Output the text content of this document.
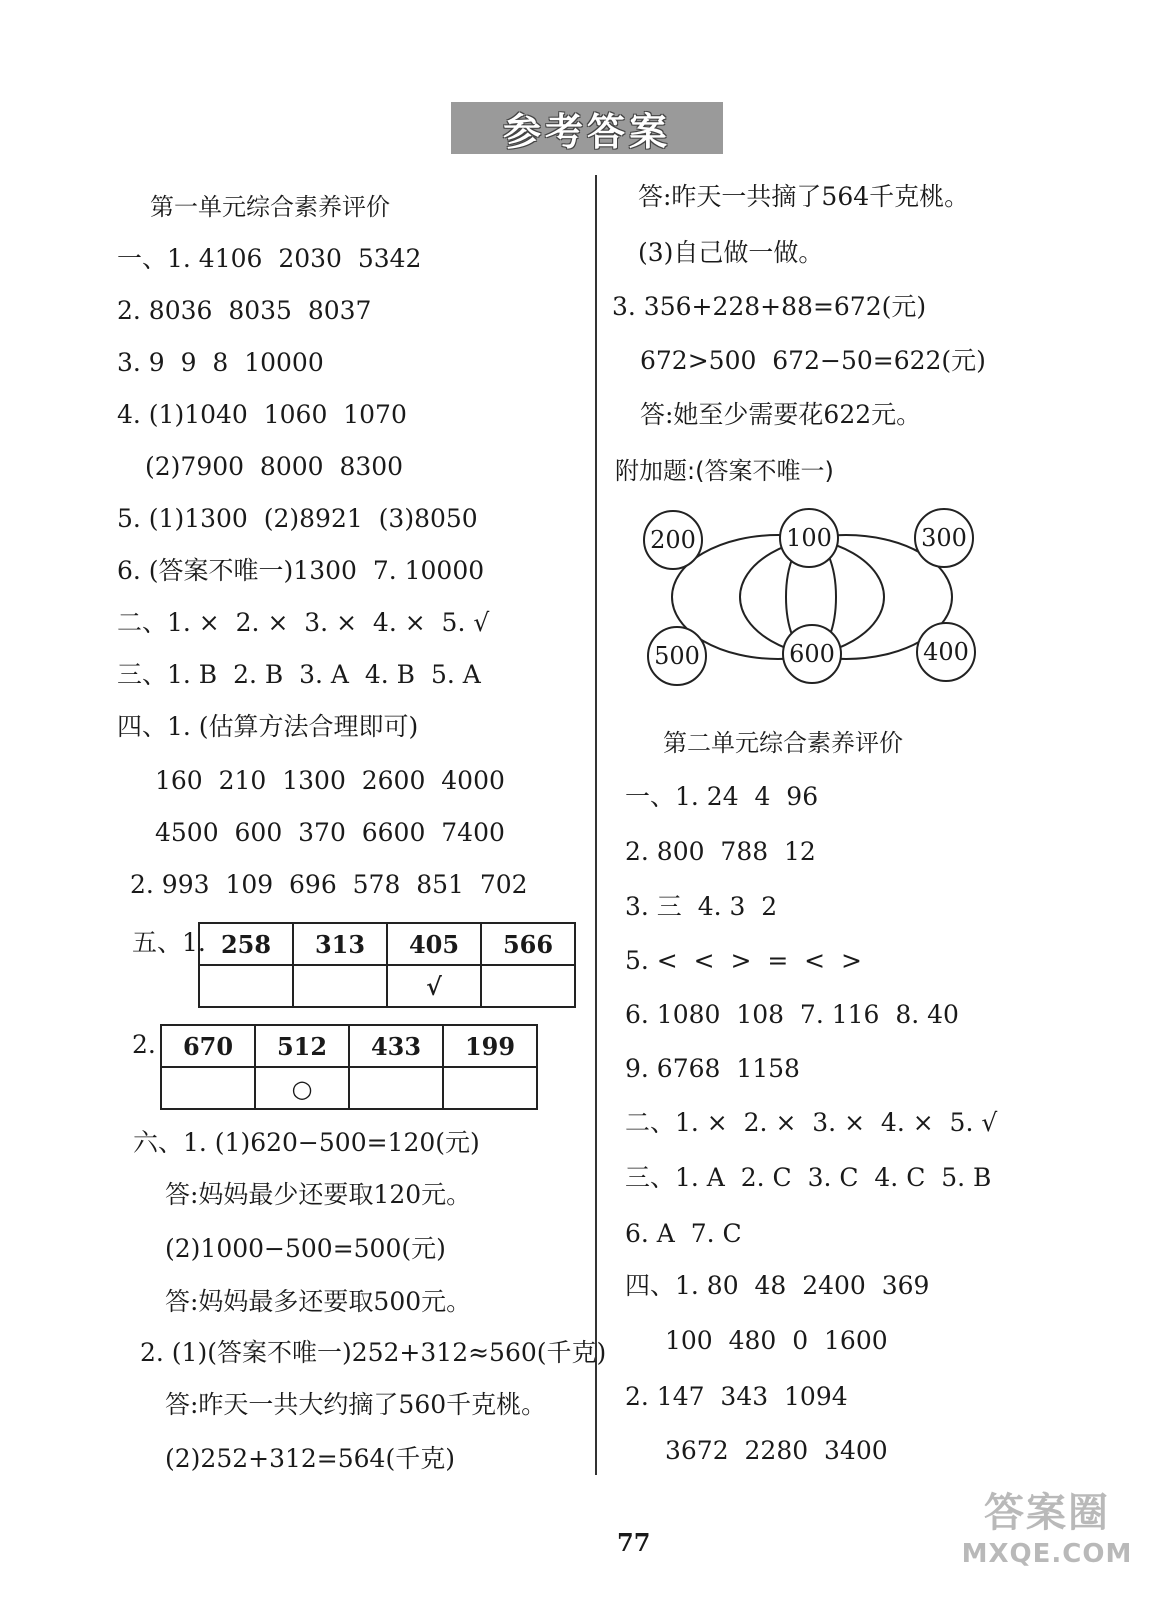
参考答案
第一单元综合素养评价
一、1. 4106  2030  5342
2. 8036  8035  8037
3. 9  9  8  10000
4. (1)1040  1060  1070
(2)7900  8000  8300
5. (1)1300  (2)8921  (3)8050
6. (答案不唯一)1300  7. 10000
二、1. ×  2. ×  3. ×  4. ×  5. √
三、1. B  2. B  3. A  4. B  5. A
四、1. (估算方法合理即可)
160  210  1300  2600  4000
4500  600  370  6600  7400
2. 993  109  696  578  851  702
五、1. 258	313	405	566
		√	
2. 670	512	433	199
	○		
六、1. (1)620−500=120(元)
答:妈妈最少还要取120元。
(2)1000−500=500(元)
答:妈妈最多还要取500元。
2. (1)(答案不唯一)252+312≈560(千克)
答:昨天一共大约摘了560千克桃。
(2)252+312=564(千克)
答:昨天一共摘了564千克桃。
(3)自己做一做。
3. 356+228+88=672(元)
672>500  672−50=622(元)
答:她至少需要花622元。
附加题:(答案不唯一)
200	100	300
500	600	400
第二单元综合素养评价
一、1. 24  4  96
2. 800  788  12
3. 三  4. 3  2
5. <  <  >  =  <  >
6. 1080  108  7. 116  8. 40
9. 6768  1158
二、1. ×  2. ×  3. ×  4. ×  5. √
三、1. A  2. C  3. C  4. C  5. B
6. A  7. C
四、1. 80  48  2400  369
100  480  0  1600
2. 147  343  1094
3672  2280  3400
77
答案圈
MXQE.COM
